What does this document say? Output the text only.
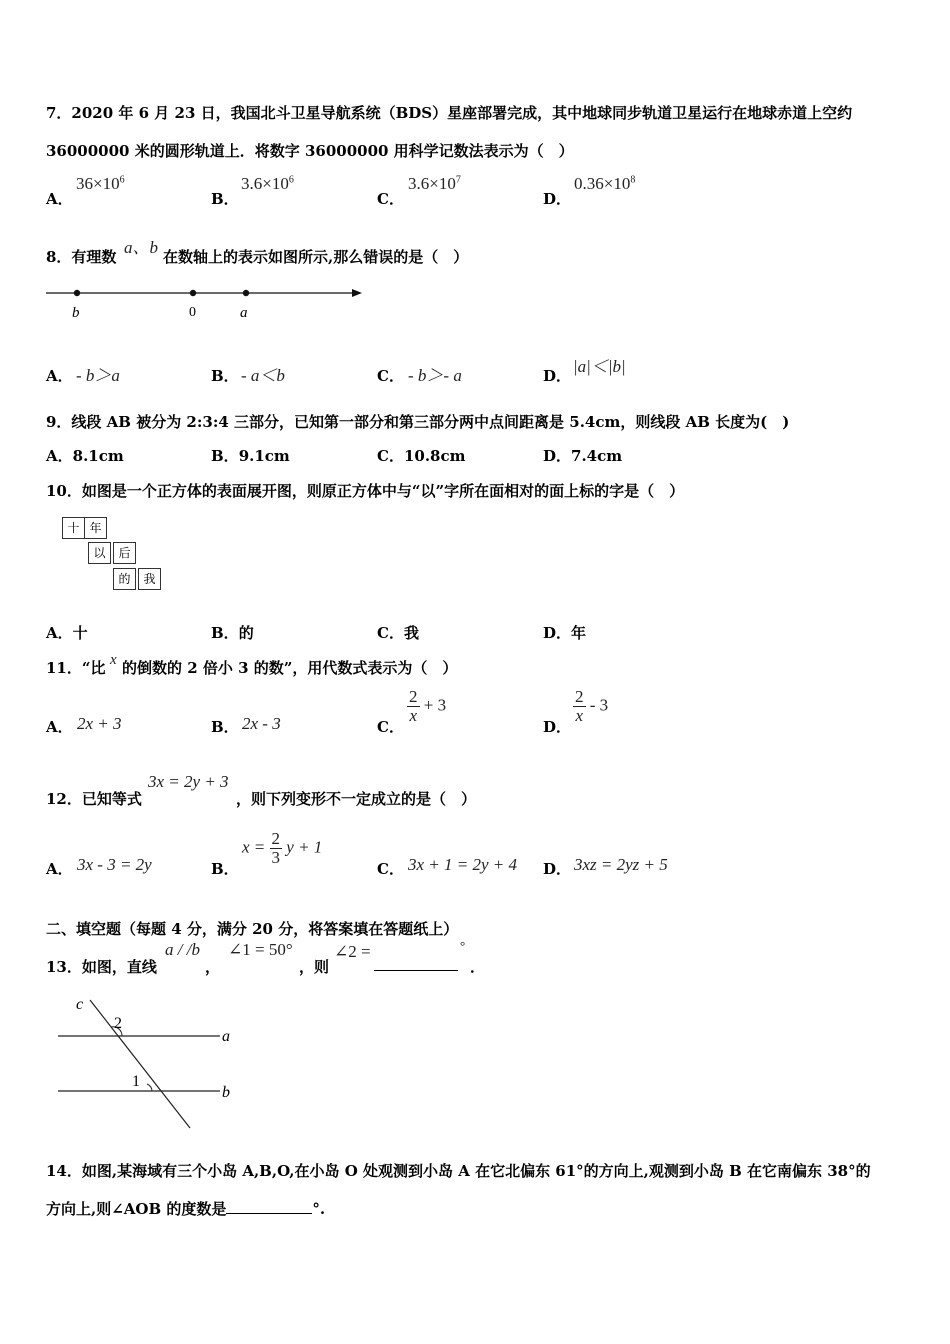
7．2020 年 6 月 23 日，我国北斗卫星导航系统（BDS）星座部署完成，其中地球同步轨道卫星运行在地球赤道上空约
36000000 米的圆形轨道上．将数字 36000000 用科学记数法表示为（　）
A．
$36\times 10^6$
B．
$3.6\times 10^6$
C．
$3.6\times 10^7$
D．
$0.36\times 10^8$
8．有理数 a、b 在数轴上的表示如图所示,那么错误的是（　）
b	0	a
A． - b＞a	B． - a＜b	C． - b＞- a	D． |a|＜|b|
9．线段 AB 被分为 2:3:4 三部分，已知第一部分和第三部分两中点间距离是 5.4cm，则线段 AB 长度为(　)
A．8.1cm	B．9.1cm	C．10.8cm	D．7.4cm
10．如图是一个正方体的表面展开图，则原正方体中与“以”字所在面相对的面上标的字是（　）
十 年
以	后
的	我
A．十	B．的	C．我	D．年
11．“比 x 的倒数的 2 倍小 3 的数”，用代数式表示为（　）
A． 2x + 3	B． 2x - 3	C．
$\frac{2}{x} + 3$
D．
$\frac{2}{x} - 3$
12．已知等式
3x = 2y + 3
，则下列变形不一定成立的是（　）
A． 3x - 3 = 2y	B．
$x = \frac{2}{3}$ y + 1
C． 3x + 1 = 2y + 4 D． 3xz = 2yz + 5
二、填空题（每题 4 分，满分 20 分，将答案填在答题纸上）
13．如图，直线
a / /b
，
∠1 = 50°
，则
∠2 =	°
．
c
2
1
a
b
14．如图,某海域有三个小岛 A,B,O,在小岛 O 处观测到小岛 A 在它北偏东 61°的方向上,观测到小岛 B 在它南偏东 38°的
方向上,则∠AOB 的度数是	°.
